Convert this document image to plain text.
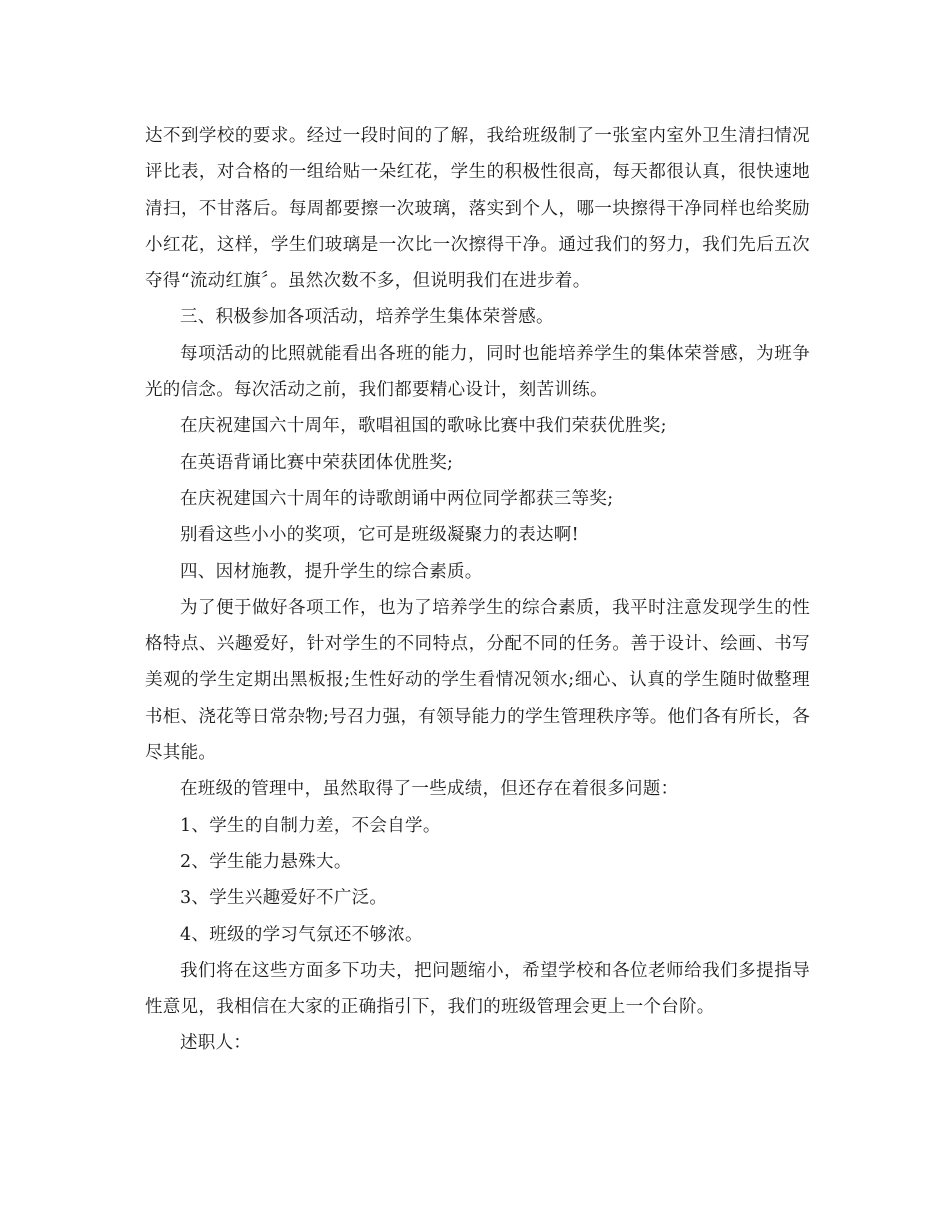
达不到学校的要求。经过一段时间的了解，我给班级制了一张室内室外卫生清扫情况评比表，对合格的一组给贴一朵红花，学生的积极性很高，每天都很认真，很快速地清扫，不甘落后。每周都要擦一次玻璃，落实到个人，哪一块擦得干净同样也给奖励小红花，这样，学生们玻璃是一次比一次擦得干净。通过我们的努力，我们先后五次夺得“流动红旗〞。虽然次数不多，但说明我们在进步着。

三、积极参加各项活动，培养学生集体荣誉感。

每项活动的比照就能看出各班的能力，同时也能培养学生的集体荣誉感，为班争光的信念。每次活动之前，我们都要精心设计，刻苦训练。

在庆祝建国六十周年，歌唱祖国的歌咏比赛中我们荣获优胜奖;

在英语背诵比赛中荣获团体优胜奖;

在庆祝建国六十周年的诗歌朗诵中两位同学都获三等奖;

别看这些小小的奖项，它可是班级凝聚力的表达啊!

四、因材施教，提升学生的综合素质。

为了便于做好各项工作，也为了培养学生的综合素质，我平时注意发现学生的性格特点、兴趣爱好，针对学生的不同特点，分配不同的任务。善于设计、绘画、书写美观的学生定期出黑板报;生性好动的学生看情况领水;细心、认真的学生随时做整理书柜、浇花等日常杂物;号召力强，有领导能力的学生管理秩序等。他们各有所长，各尽其能。

在班级的管理中，虽然取得了一些成绩，但还存在着很多问题：

1、学生的自制力差，不会自学。

2、学生能力悬殊大。

3、学生兴趣爱好不广泛。

4、班级的学习气氛还不够浓。

我们将在这些方面多下功夫，把问题缩小，希望学校和各位老师给我们多提指导性意见，我相信在大家的正确指引下，我们的班级管理会更上一个台阶。

述职人：
